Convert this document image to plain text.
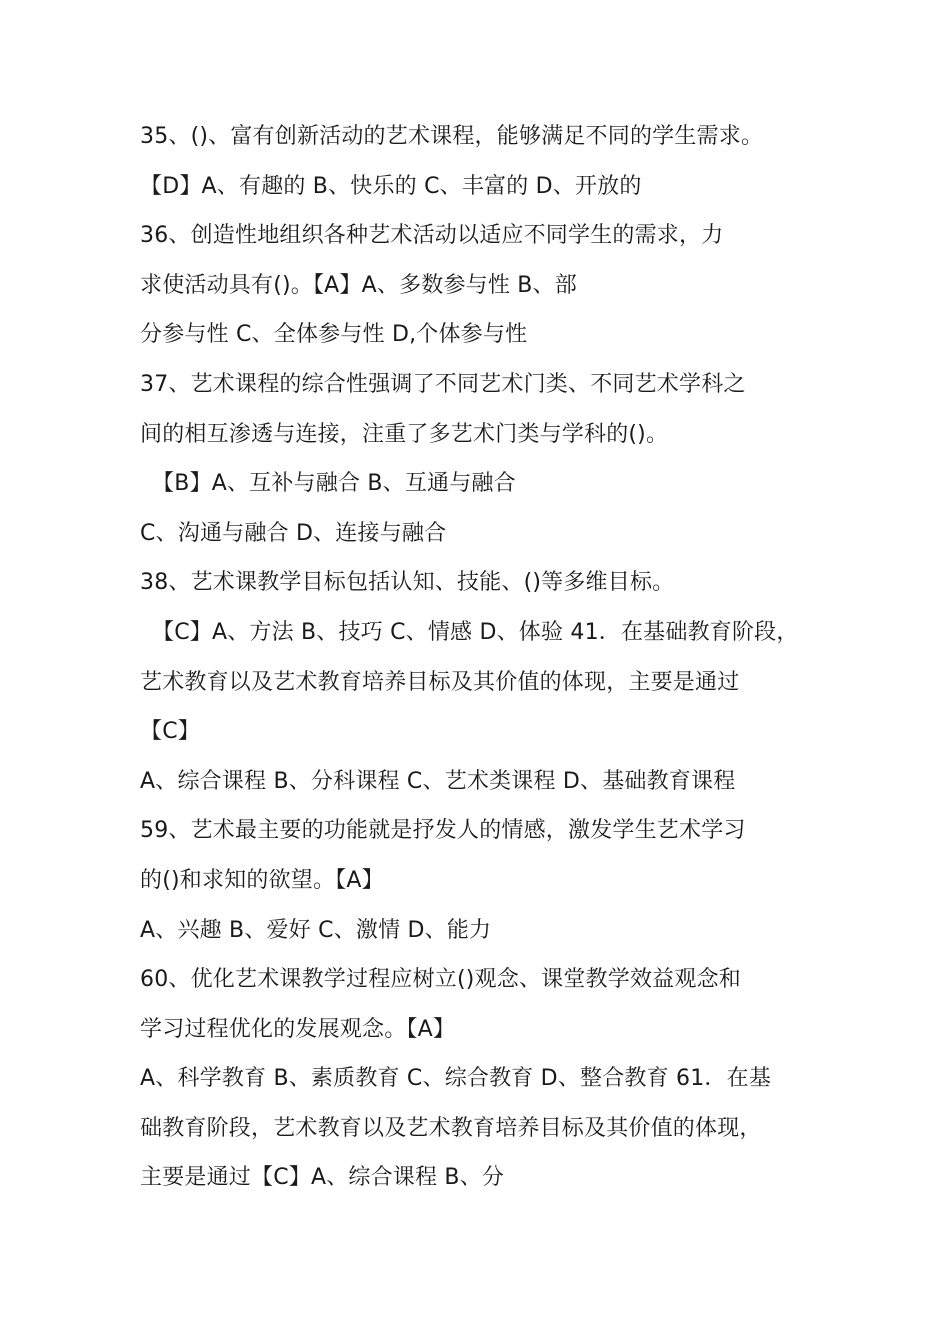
35、()、富有创新活动的艺术课程，能够满足不同的学生需求。
【D】A、有趣的 B、快乐的 C、丰富的 D、开放的
36、创造性地组织各种艺术活动以适应不同学生的需求，力
求使活动具有()。【A】A、多数参与性 B、部
分参与性 C、全体参与性 D,个体参与性
37、艺术课程的综合性强调了不同艺术门类、不同艺术学科之
间的相互渗透与连接，注重了多艺术门类与学科的()。
【B】A、互补与融合 B、互通与融合
C、沟通与融合 D、连接与融合
38、艺术课教学目标包括认知、技能、()等多维目标。
【C】A、方法 B、技巧 C、情感 D、体验 41．在基础教育阶段，
艺术教育以及艺术教育培养目标及其价值的体现，主要是通过
【C】
A、综合课程 B、分科课程 C、艺术类课程 D、基础教育课程
59、艺术最主要的功能就是抒发人的情感，激发学生艺术学习
的()和求知的欲望。【A】
A、兴趣 B、爱好 C、激情 D、能力
60、优化艺术课教学过程应树立()观念、课堂教学效益观念和
学习过程优化的发展观念。【A】
A、科学教育 B、素质教育 C、综合教育 D、整合教育 61．在基
础教育阶段，艺术教育以及艺术教育培养目标及其价值的体现，
主要是通过【C】A、综合课程 B、分
